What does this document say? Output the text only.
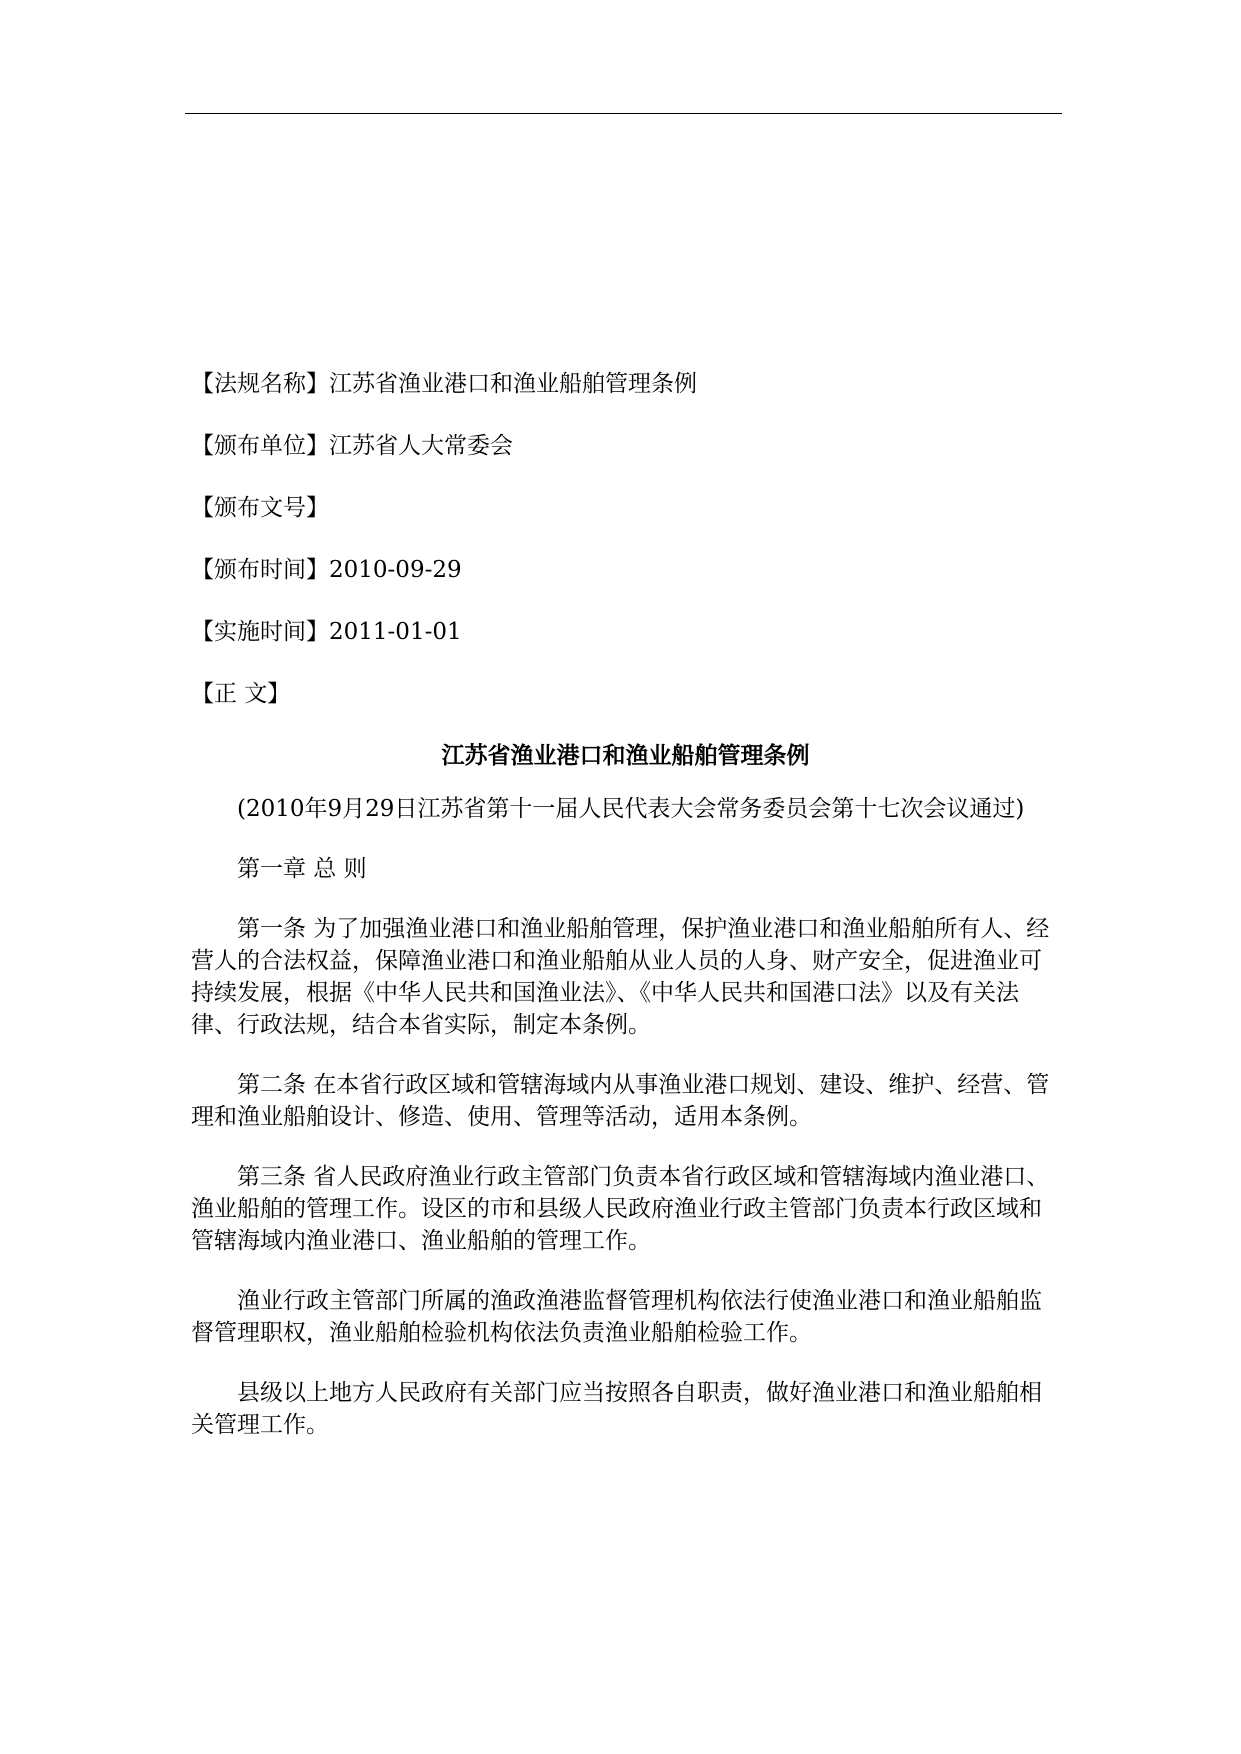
【法规名称】江苏省渔业港口和渔业船舶管理条例

【颁布单位】江苏省人大常委会

【颁布文号】

【颁布时间】2010-09-29

【实施时间】2011-01-01

【正 文】

江苏省渔业港口和渔业船舶管理条例

(2010年9月29日江苏省第十一届人民代表大会常务委员会第十七次会议通过)

第一章 总 则

第一条 为了加强渔业港口和渔业船舶管理，保护渔业港口和渔业船舶所有人、经营人的合法权益，保障渔业港口和渔业船舶从业人员的人身、财产安全，促进渔业可持续发展，根据《中华人民共和国渔业法》、《中华人民共和国港口法》以及有关法律、行政法规，结合本省实际，制定本条例。

第二条 在本省行政区域和管辖海域内从事渔业港口规划、建设、维护、经营、管理和渔业船舶设计、修造、使用、管理等活动，适用本条例。

第三条 省人民政府渔业行政主管部门负责本省行政区域和管辖海域内渔业港口、渔业船舶的管理工作。设区的市和县级人民政府渔业行政主管部门负责本行政区域和管辖海域内渔业港口、渔业船舶的管理工作。

渔业行政主管部门所属的渔政渔港监督管理机构依法行使渔业港口和渔业船舶监督管理职权，渔业船舶检验机构依法负责渔业船舶检验工作。

县级以上地方人民政府有关部门应当按照各自职责，做好渔业港口和渔业船舶相关管理工作。
